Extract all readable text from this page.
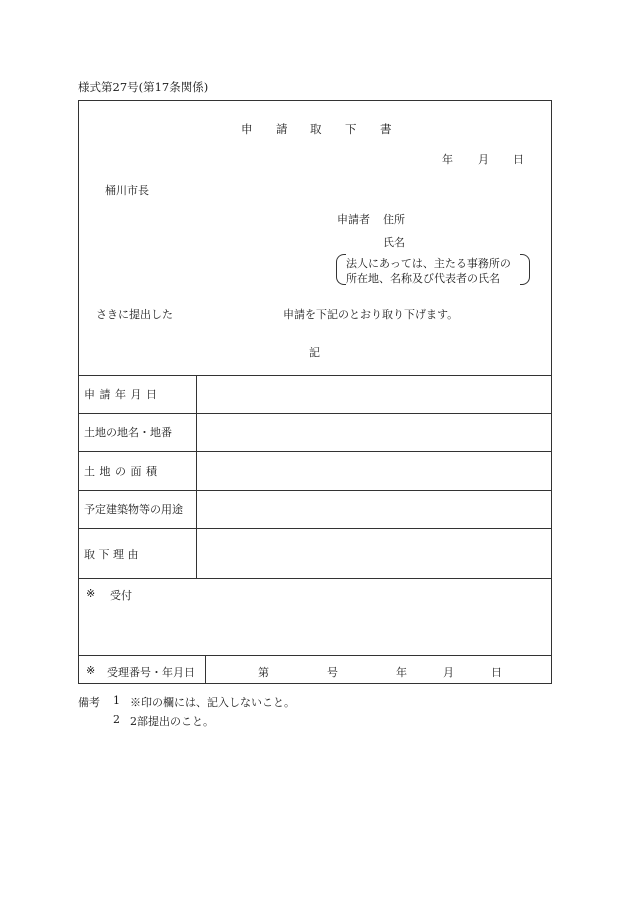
様式第27号(第17条関係)
申 請 取 下 書
年 月 日
桶川市長
申請者 住所
氏名
法人にあっては、主たる事務所の
所在地、名称及び代表者の氏名
さきに提出した	申請を下記のとおり取り下げます。
記
申 請 年 月 日
土地の地名・地番
土 地 の 面 積
予定建築物等の用途
取 下 理 由
※ 受付
※ 受理番号・年月日	第	号	年	月	日
備考 1 ※印の欄には、記入しないこと。
2 2部提出のこと。
